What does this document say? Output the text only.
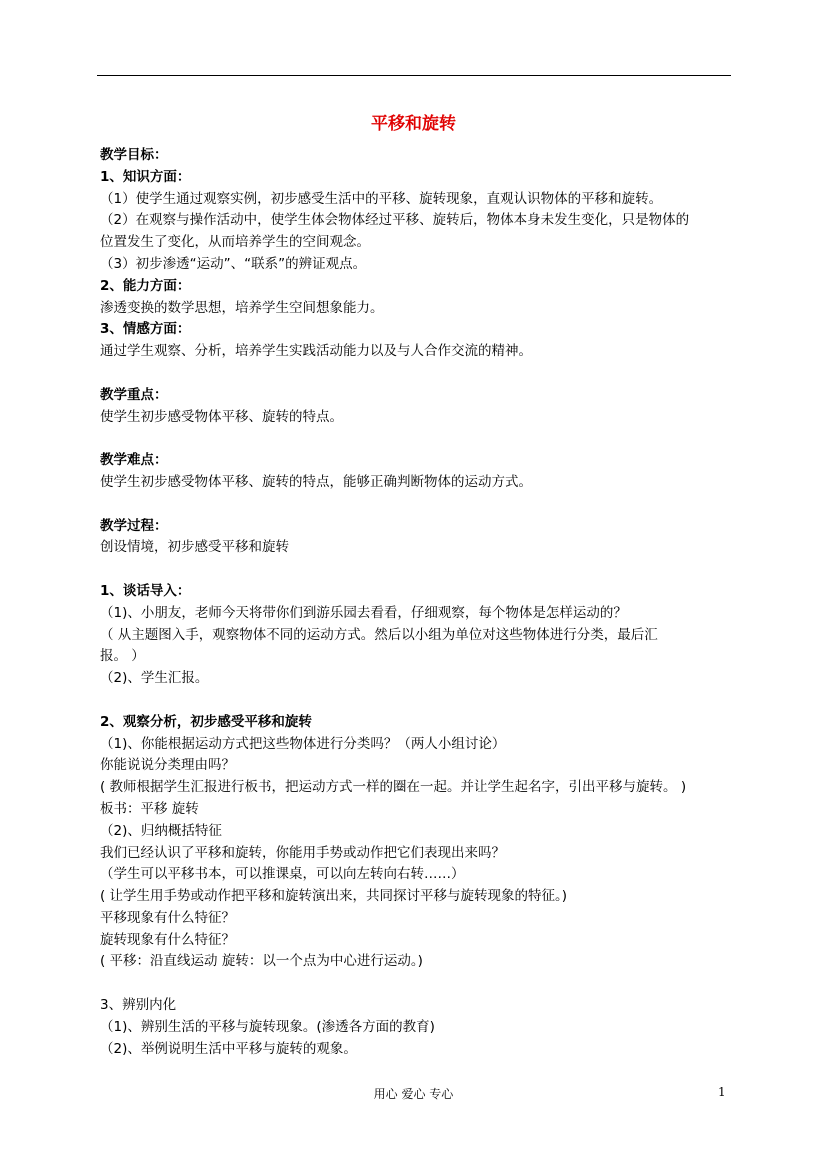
平移和旋转
教学目标：
1、知识方面：
（1）使学生通过观察实例，初步感受生活中的平移、旋转现象，直观认识物体的平移和旋转。
（2）在观察与操作活动中，使学生体会物体经过平移、旋转后，物体本身未发生变化，只是物体的
位置发生了变化，从而培养学生的空间观念。
（3）初步渗透“运动”、“联系”的辨证观点。
2、能力方面：
渗透变换的数学思想，培养学生空间想象能力。
3、情感方面：
通过学生观察、分析，培养学生实践活动能力以及与人合作交流的精神。
教学重点：
使学生初步感受物体平移、旋转的特点。
教学难点：
使学生初步感受物体平移、旋转的特点，能够正确判断物体的运动方式。
教学过程：
创设情境，初步感受平移和旋转
1、谈话导入：
（1)、小朋友，老师今天将带你们到游乐园去看看，仔细观察，每个物体是怎样运动的？
（ 从主题图入手，观察物体不同的运动方式。然后以小组为单位对这些物体进行分类，最后汇
报。 ）
（2)、学生汇报。
2、观察分析，初步感受平移和旋转
（1)、你能根据运动方式把这些物体进行分类吗？（两人小组讨论）
你能说说分类理由吗？
( 教师根据学生汇报进行板书，把运动方式一样的圈在一起。并让学生起名字，引出平移与旋转。 )
板书：平移 旋转
（2)、归纳概括特征
我们已经认识了平移和旋转，你能用手势或动作把它们表现出来吗？
（学生可以平移书本，可以推课桌，可以向左转向右转……）
( 让学生用手势或动作把平移和旋转演出来，共同探讨平移与旋转现象的特征。)
平移现象有什么特征？
旋转现象有什么特征？
( 平移：沿直线运动 旋转：以一个点为中心进行运动。)
3、辨别内化
（1)、辨别生活的平移与旋转现象。(渗透各方面的教育)
（2)、举例说明生活中平移与旋转的观象。
用心 爱心 专心	1
